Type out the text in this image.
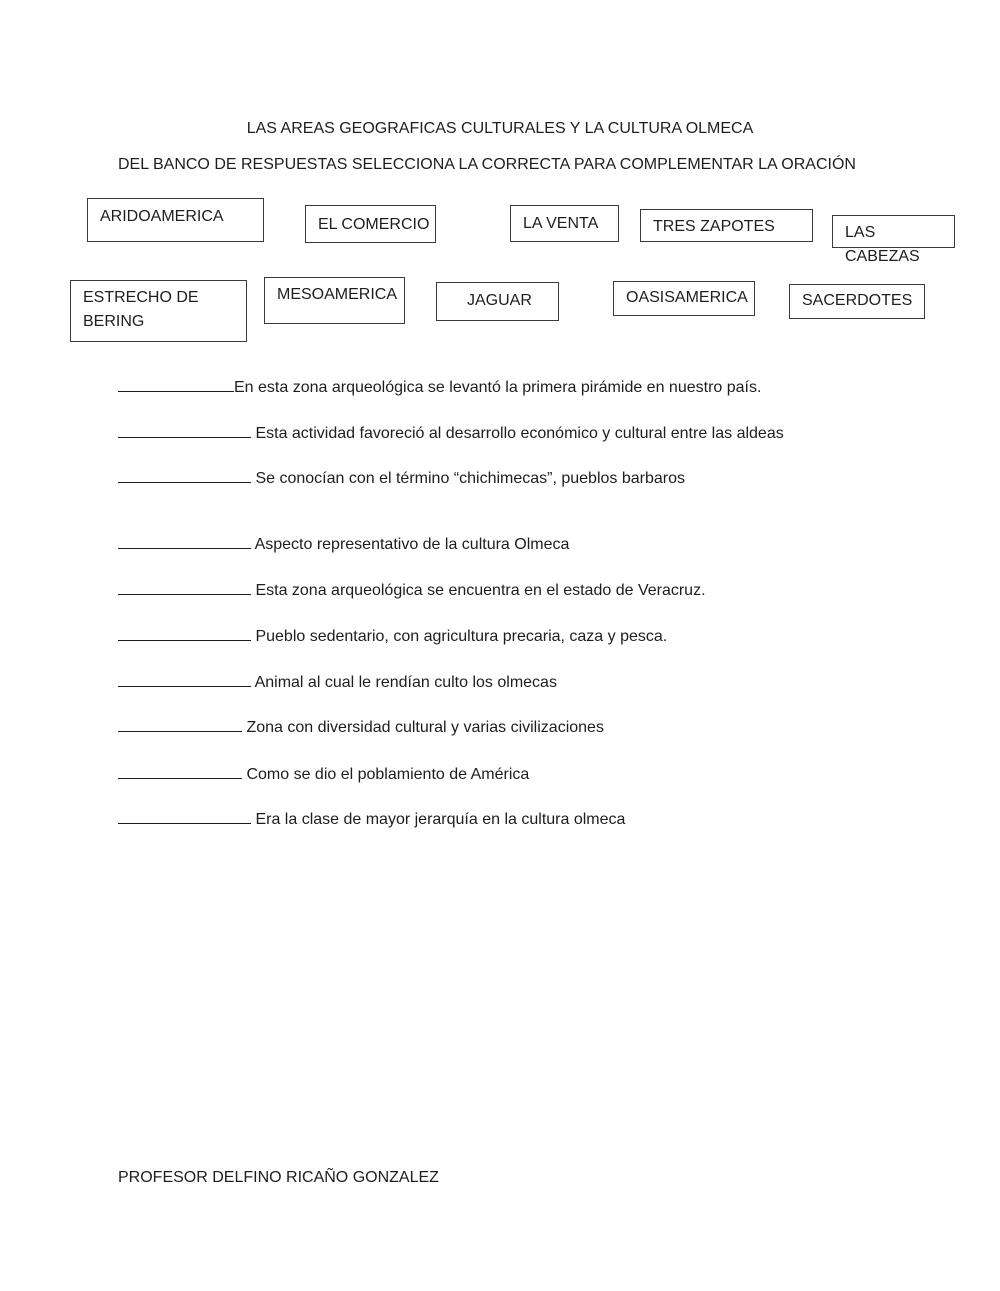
LAS AREAS GEOGRAFICAS CULTURALES Y LA CULTURA OLMECA
DEL BANCO DE RESPUESTAS SELECCIONA LA CORRECTA PARA COMPLEMENTAR LA ORACIÓN
ARIDOAMERICA	EL COMERCIO	LA VENTA	TRES ZAPOTES	LAS CABEZAS
ESTRECHO DE BERING
MESOAMERICA	JAGUAR	OASISAMERICA	SACERDOTES
En esta zona arqueológica se levantó la primera pirámide en nuestro país.
Esta actividad favoreció al desarrollo económico y cultural entre las aldeas
Se conocían con el término “chichimecas”, pueblos barbaros
Aspecto representativo de la cultura Olmeca
Esta zona arqueológica se encuentra en el estado de Veracruz.
Pueblo sedentario, con agricultura precaria, caza y pesca.
Animal al cual le rendían culto los olmecas
Zona con diversidad cultural y varias civilizaciones
Como se dio el poblamiento de América
Era la clase de mayor jerarquía en la cultura olmeca
PROFESOR DELFINO RICAÑO GONZALEZ
